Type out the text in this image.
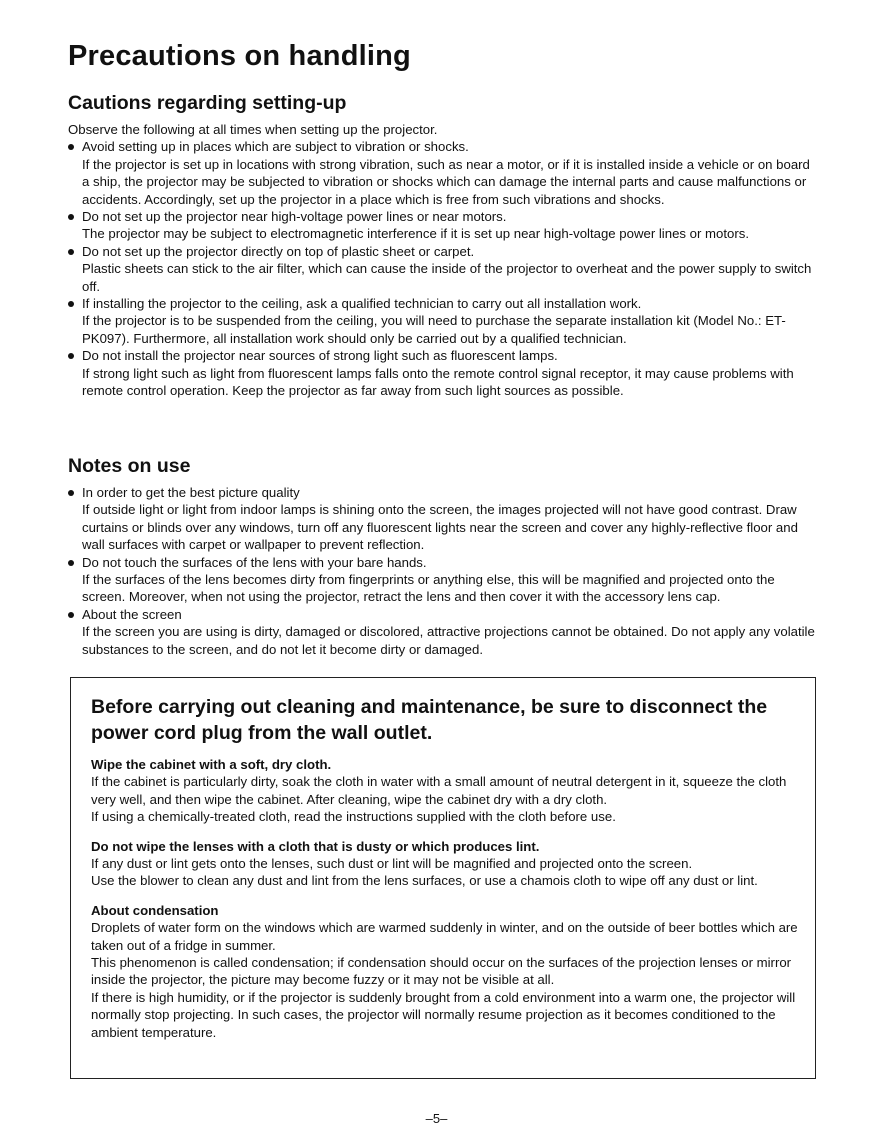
Precautions on handling
Cautions regarding setting-up

Observe the following at all times when setting up the projector.

Avoid setting up in places which are subject to vibration or shocks.
If the projector is set up in locations with strong vibration, such as near a motor, or if it is installed inside a vehicle or on board a ship, the projector may be subjected to vibration or shocks which can damage the internal parts and cause malfunctions or accidents. Accordingly, set up the projector in a place which is free from such vibrations and shocks.
Do not set up the projector near high-voltage power lines or near motors.
The projector may be subject to electromagnetic interference if it is set up near high-voltage power lines or motors.
Do not set up the projector directly on top of plastic sheet or carpet.
Plastic sheets can stick to the air filter, which can cause the inside of the projector to overheat and the power supply to switch off.
If installing the projector to the ceiling, ask a qualified technician to carry out all installation work.
If the projector is to be suspended from the ceiling, you will need to purchase the separate installation kit (Model No.: ET-PK097). Furthermore, all installation work should only be carried out by a qualified technician.
Do not install the projector near sources of strong light such as fluorescent lamps.
If strong light such as light from fluorescent lamps falls onto the remote control signal receptor, it may cause problems with remote control operation. Keep the projector as far away from such light sources as possible.
Notes on use
In order to get the best picture quality
If outside light or light from indoor lamps is shining onto the screen, the images projected will not have good contrast. Draw curtains or blinds over any windows, turn off any fluorescent lights near the screen and cover any highly-reflective floor and wall surfaces with carpet or wallpaper to prevent reflection.
Do not touch the surfaces of the lens with your bare hands.
If the surfaces of the lens becomes dirty from fingerprints or anything else, this will be magnified and projected onto the screen. Moreover, when not using the projector, retract the lens and then cover it with the accessory lens cap.
About the screen
If the screen you are using is dirty, damaged or discolored, attractive projections cannot be obtained. Do not apply any volatile substances to the screen, and do not let it become dirty or damaged.
Before carrying out cleaning and maintenance, be sure to disconnect the power cord plug from the wall outlet.

Wipe the cabinet with a soft, dry cloth.

If the cabinet is particularly dirty, soak the cloth in water with a small amount of neutral detergent in it, squeeze the cloth very well, and then wipe the cabinet. After cleaning, wipe the cabinet dry with a dry cloth.

If using a chemically-treated cloth, read the instructions supplied with the cloth before use.

Do not wipe the lenses with a cloth that is dusty or which produces lint.

If any dust or lint gets onto the lenses, such dust or lint will be magnified and projected onto the screen.

Use the blower to clean any dust and lint from the lens surfaces, or use a chamois cloth to wipe off any dust or lint.

About condensation

Droplets of water form on the windows which are warmed suddenly in winter, and on the outside of beer bottles which are taken out of a fridge in summer.

This phenomenon is called condensation; if condensation should occur on the surfaces of the projection lenses or mirror inside the projector, the picture may become fuzzy or it may not be visible at all.

If there is high humidity, or if the projector is suddenly brought from a cold environment into a warm one, the projector will normally stop projecting. In such cases, the projector will normally resume projection as it becomes conditioned to the ambient temperature.

–5–
